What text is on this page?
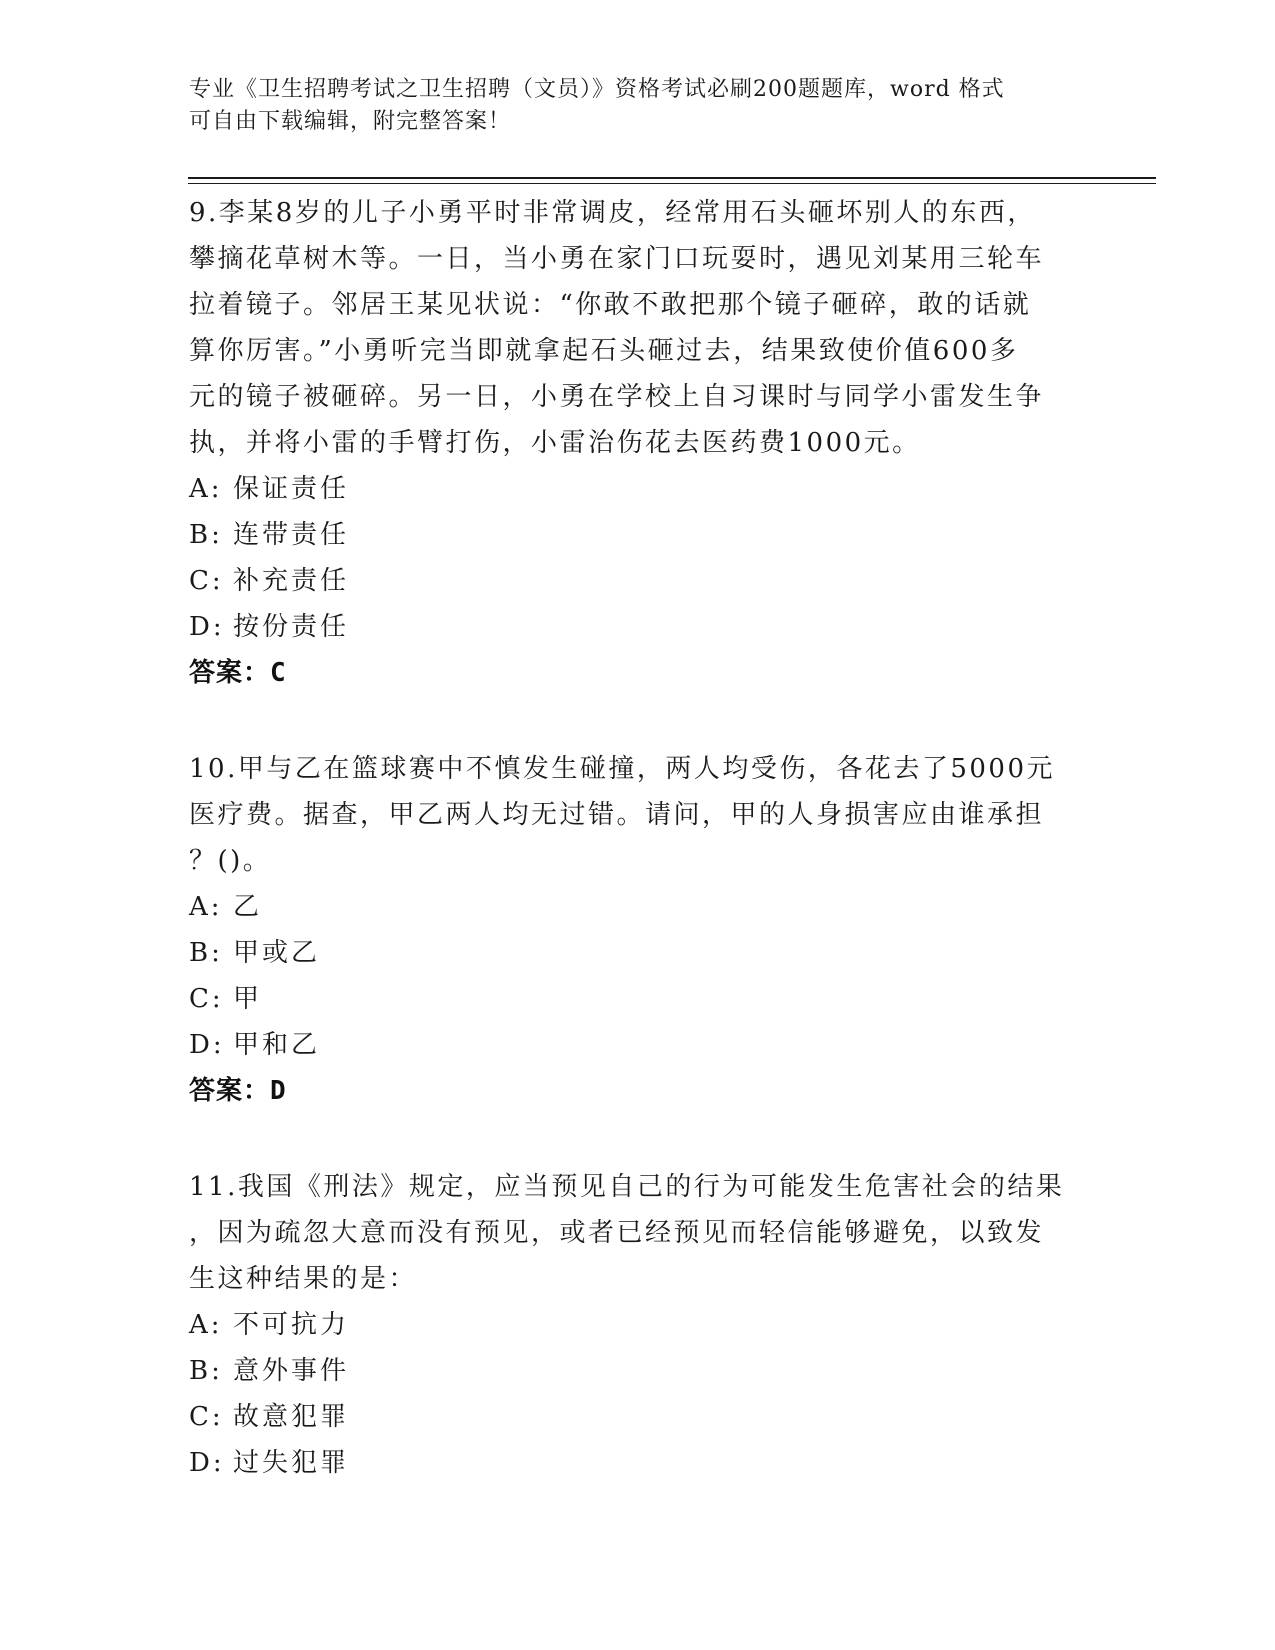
专业《卫生招聘考试之卫生招聘（文员）》资格考试必刷200题题库，word 格式
可自由下载编辑，附完整答案！

9.李某8岁的儿子小勇平时非常调皮，经常用石头砸坏别人的东西，

攀摘花草树木等。一日，当小勇在家门口玩耍时，遇见刘某用三轮车

拉着镜子。邻居王某见状说：“你敢不敢把那个镜子砸碎，敢的话就

算你厉害。”小勇听完当即就拿起石头砸过去，结果致使价值600多

元的镜子被砸碎。另一日，小勇在学校上自习课时与同学小雷发生争

执，并将小雷的手臂打伤，小雷治伤花去医药费1000元。

A: 保证责任

B: 连带责任

C: 补充责任

D: 按份责任

答案：C

10.甲与乙在篮球赛中不慎发生碰撞，两人均受伤，各花去了5000元

医疗费。据查，甲乙两人均无过错。请问，甲的人身损害应由谁承担

？()。

A: 乙

B: 甲或乙

C: 甲

D: 甲和乙

答案：D

11.我国《刑法》规定，应当预见自己的行为可能发生危害社会的结果

，因为疏忽大意而没有预见，或者已经预见而轻信能够避免，以致发

生这种结果的是：

A: 不可抗力

B: 意外事件

C: 故意犯罪

D: 过失犯罪
